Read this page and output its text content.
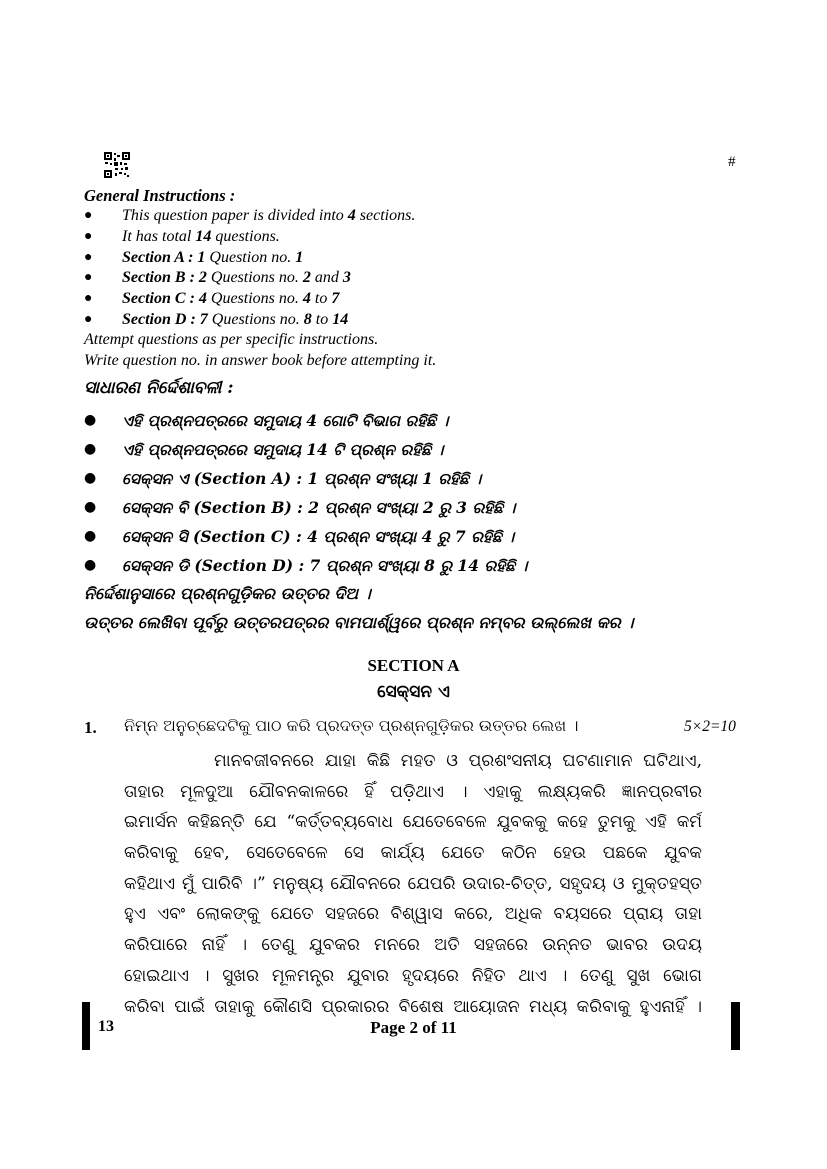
#
General Instructions :
● This question paper is divided into 4 sections.
● It has total 14 questions.
● Section A : 1 Question no. 1
● Section B : 2 Questions no. 2 and 3
● Section C : 4 Questions no. 4 to 7
● Section D : 7 Questions no. 8 to 14
Attempt questions as per specific instructions.
Write question no. in answer book before attempting it.
ସାଧାରଣ ନିର୍ଦ୍ଦେଶାବଳୀ :
● ଏହି ପ୍ରଶ୍ନପତ୍ରରେ ସମୁଦାୟ 4 ଗୋଟି ବିଭାଗ ରହିଛି ।
● ଏହି ପ୍ରଶ୍ନପତ୍ରରେ ସମୁଦାୟ 14 ଟି ପ୍ରଶ୍ନ ରହିଛି ।
● ସେକ୍ସନ ଏ (Section A) : 1 ପ୍ରଶ୍ନ ସଂଖ୍ୟା 1 ରହିଛି ।
● ସେକ୍ସନ ବି (Section B) : 2 ପ୍ରଶ୍ନ ସଂଖ୍ୟା 2 ରୁ 3 ରହିଛି ।
● ସେକ୍ସନ ସି (Section C) : 4 ପ୍ରଶ୍ନ ସଂଖ୍ୟା 4 ରୁ 7 ରହିଛି ।
● ସେକ୍ସନ ଡି (Section D) : 7 ପ୍ରଶ୍ନ ସଂଖ୍ୟା 8 ରୁ 14 ରହିଛି ।
ନିର୍ଦ୍ଦେଶାନୁସାରେ ପ୍ରଶ୍ନଗୁଡ଼ିକର ଉତ୍ତର ଦିଅ ।
ଉତ୍ତର ଲେଖିବା ପୂର୍ବରୁ ଉତ୍ତରପତ୍ରର ବାମପାର୍ଶ୍ୱରେ ପ୍ରଶ୍ନ ନମ୍ବର ଉଲ୍ଲେଖ କର ।
SECTION A
ସେକ୍ସନ ଏ
1. ନିମ୍ନ ଅନୁଚ୍ଛେଦଟିକୁ ପାଠ କରି ପ୍ରଦତ୍ତ ପ୍ରଶ୍ନଗୁଡ଼ିକର ଉତ୍ତର ଲେଖ ।	5×2=10
ମାନବଜୀବନରେ ଯାହା କିଛି ମହତ ଓ ପ୍ରଶଂସନୀୟ ଘଟଣାମାନ ଘଟିଥାଏ,
ତାହାର ମୂଳଦୁଆ ଯୌବନକାଳରେ ହିଁ ପଡ଼ିଥାଏ । ଏହାକୁ ଲକ୍ଷ୍ୟକରି ଜ୍ଞାନପ୍ରବୀର
ଇମାର୍ସନ କହିଛନ୍ତି ଯେ “କର୍ତ୍ତବ୍ୟବୋଧ ଯେତେବେଳେ ଯୁବକକୁ କହେ ତୁମକୁ ଏହି କର୍ମ
କରିବାକୁ ହେବ, ସେତେବେଳେ ସେ କାର୍ଯ୍ୟ ଯେତେ କଠିନ ହେଉ ପଛକେ ଯୁବକ
କହିଥାଏ ମୁଁ ପାରିବି ।” ମନୁଷ୍ୟ ଯୌବନରେ ଯେପରି ଉଦାର-ଚିତ୍ତ, ସହୃଦୟ ଓ ମୁକ୍ତହସ୍ତ
ହୁଏ ଏବଂ ଲୋକଙ୍କୁ ଯେତେ ସହଜରେ ବିଶ୍ୱାସ କରେ, ଅଧିକ ବୟସରେ ପ୍ରାୟ ତାହା
କରିପାରେ ନାହିଁ । ତେଣୁ ଯୁବକର ମନରେ ଅତି ସହଜରେ ଉନ୍ନତ ଭାବର ଉଦୟ
ହୋଇଥାଏ । ସୁଖର ମୂଳମନ୍ତ୍ର ଯୁବାର ହୃଦୟରେ ନିହିତ ଥାଏ । ତେଣୁ ସୁଖ ଭୋଗ
କରିବା ପାଇଁ ତାହାକୁ କୌଣସି ପ୍ରକାରର ବିଶେଷ ଆୟୋଜନ ମଧ୍ୟ କରିବାକୁ ହୁଏନାହିଁ ।
13	Page 2 of 11
